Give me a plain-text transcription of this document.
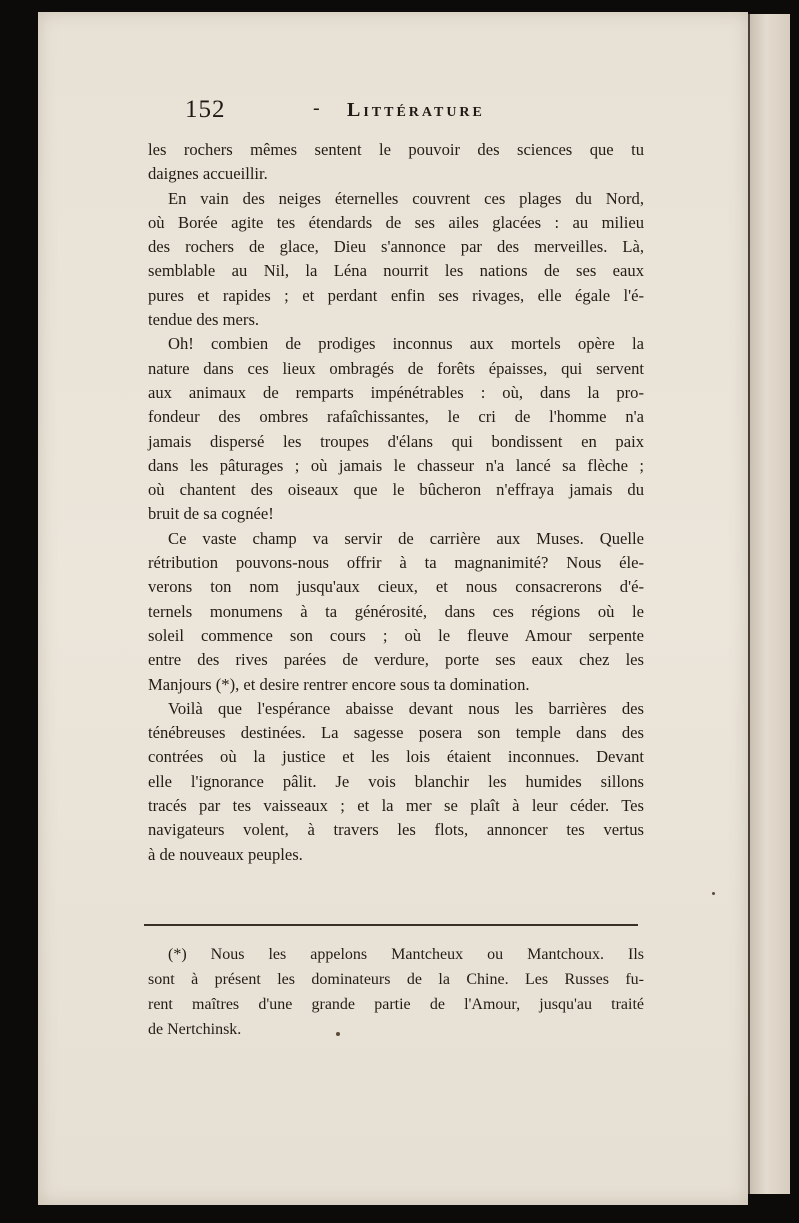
152	- Littérature

les rochers mêmes sentent le pouvoir des sciences que tu
daignes accueillir.

En vain des neiges éternelles couvrent ces plages du Nord,
où Borée agite tes étendards de ses ailes glacées : au milieu
des rochers de glace, Dieu s'annonce par des merveilles. Là,
semblable au Nil, la Léna nourrit les nations de ses eaux
pures et rapides ; et perdant enfin ses rivages, elle égale l'é-
tendue des mers.

Oh! combien de prodiges inconnus aux mortels opère la
nature dans ces lieux ombragés de forêts épaisses, qui servent
aux animaux de remparts impénétrables : où, dans la pro-
fondeur des ombres rafaîchissantes, le cri de l'homme n'a
jamais dispersé les troupes d'élans qui bondissent en paix
dans les pâturages ; où jamais le chasseur n'a lancé sa flèche ;
où chantent des oiseaux que le bûcheron n'effraya jamais du
bruit de sa cognée!

Ce vaste champ va servir de carrière aux Muses. Quelle
rétribution pouvons-nous offrir à ta magnanimité? Nous éle-
verons ton nom jusqu'aux cieux, et nous consacrerons d'é-
ternels monumens à ta générosité, dans ces régions où le
soleil commence son cours ; où le fleuve Amour serpente
entre des rives parées de verdure, porte ses eaux chez les
Manjours (*), et desire rentrer encore sous ta domination.

Voilà que l'espérance abaisse devant nous les barrières des
ténébreuses destinées. La sagesse posera son temple dans des
contrées où la justice et les lois étaient inconnues. Devant
elle l'ignorance pâlit. Je vois blanchir les humides sillons
tracés par tes vaisseaux ; et la mer se plaît à leur céder. Tes
navigateurs volent, à travers les flots, annoncer tes vertus
à de nouveaux peuples.

(*) Nous les appelons Mantcheux ou Mantchoux. Ils
sont à présent les dominateurs de la Chine. Les Russes fu-
rent maîtres d'une grande partie de l'Amour, jusqu'au traité
de Nertchinsk.
